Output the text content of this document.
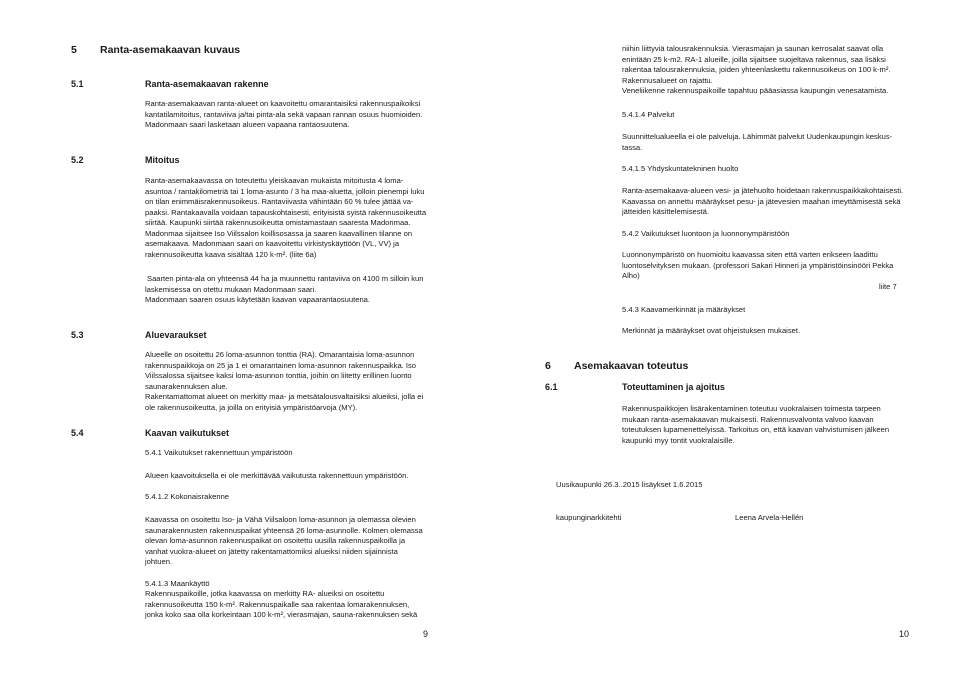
5 Ranta-asemakaavan kuvaus
5.1	Ranta-asemakaavan rakenne
Ranta-asemakaavan ranta-alueet on kaavoitettu omarantaisiksi rakennuspaikoiksi
kantatilamitoitus, rantaviiva ja/tai pinta-ala sekä vapaan rannan osuus huomioiden.
Madonmaan saari lasketaan alueen vapaana rantaosuutena.
5.2	Mitoitus
Ranta-asemakaavassa on toteutettu yleiskaavan mukaista mitoitusta 4 loma-
asuntoa / rantakilometriä tai 1 loma-asunto / 3 ha maa-aluetta, jolloin pienempi luku
on tilan enimmäisrakennusoikeus. Rantaviivasta vähintään 60 % tulee jättää va-
paaksi. Rantakaavalla voidaan tapauskohtaisesti, erityisistä syistä rakennusoikeutta
siirtää. Kaupunki siirtää rakennusoikeutta omistamastaan saaresta Madonmaa.
Madonmaa sijaitsee Iso Viilssalon koillisosassa ja saaren kaavallinen tilanne on
asemakaava. Madonmaan saari on kaavoitettu virkistyskäyttöön (VL, VV) ja
rakennusoikeutta kaava sisältää 120 k-m². (liite 6a)
Saarten pinta-ala on yhteensä 44 ha ja muunnettu rantaviiva on 4100 m silloin kun
laskemisessa on otettu mukaan Madonmaan saari.
Madonmaan saaren osuus käytetään kaavan vapaarantaosuutena.
5.3	Aluevaraukset
Alueelle on osoitettu 26 loma-asunnon tonttia (RA). Omarantaisia loma-asunnon
rakennuspaikkoja on 25 ja 1 ei omarantainen loma-asunnon rakennuspaikka. Iso
Viilssalossa sijaitsee kaksi loma-asunnon tonttia, joihin on liitetty erillinen luonto
saunarakennuksen alue.
Rakentamattomat alueet on merkitty maa- ja metsätalousvaltaisiksi alueiksi, jolla ei
ole rakennusoikeutta, ja joilla on erityisiä ympäristöarvoja (MY).
5.4	Kaavan vaikutukset
5.4.1 Vaikutukset rakennettuun ympäristöön
Alueen kaavoituksella ei ole merkittävää vaikutusta rakennettuun ympäristöön.
5.4.1.2 Kokonaisrakenne
Kaavassa on osoitettu Iso- ja Vähä Viilsaloon loma-asunnon ja olemassa olevien
saunarakennusten rakennuspaikat yhteensä 26 loma-asunnolle. Kolmen olemassa
olevan loma-asunnon rakennuspaikat on osoitettu uusilla rakennuspaikoilla ja
vanhat vuokra-alueet on jätetty rakentamattomiksi alueiksi niiden sijainnista
johtuen.
5.4.1.3 Maankäyttö
Rakennuspaikoille, jotka kaavassa on merkitty RA- alueiksi on osoitettu
rakennusoikeutta 150 k-m². Rakennuspaikalle saa rakentaa lomarakennuksen,
jonka koko saa olla korkeintaan 100 k-m², vierasmajan, sauna-rakennuksen sekä
9
niihin liittyviä talousrakennuksia. Vierasmajan ja saunan kerrosalat saavat olla
enintään 25 k-m2. RA-1 alueille, joilla sijaitsee suojeltava rakennus, saa lisäksi
rakentaa talousrakennuksia, joiden yhteenlaskettu rakennusoikeus on 100 k-m².
Rakennusalueet on rajattu.
Veneliikenne rakennuspaikoille tapahtuu pääasiassa kaupungin venesatamista.
5.4.1.4 Palvelut
Suunnittelualueella ei ole palveluja. Lähimmät palvelut Uudenkaupungin keskus-
tassa.
5.4.1.5 Yhdyskuntatekninen huolto
Ranta-asemakaava-alueen vesi- ja jätehuolto hoidetaan rakennuspaikkakohtaisesti.
Kaavassa on annettu määräykset pesu- ja jätevesien maahan imeyttämisestä sekä
jätteiden käsittelemisestä.
5.4.2 Vaikutukset luontoon ja luonnonympäristöön
Luonnonympäristö on huomioitu kaavassa siten että varten erikseen laadittu
luontoselvityksen mukaan. (professori Sakari Hinneri ja ympäristöinsinööri Pekka
Alho)
liite 7
5.4.3 Kaavamerkinnät ja määräykset
Merkinnät ja määräykset ovat ohjeistuksen mukaiset.
6 Asemakaavan toteutus
6.1	Toteuttaminen ja ajoitus
Rakennuspaikkojen lisärakentaminen toteutuu vuokralaisen toimesta tarpeen
mukaan ranta-asemakaavan mukaisesti. Rakennusvalvonta valvoo kaavan
toteutuksen lupamenettelyissä. Tarkoitus on, että kaavan vahvistumisen jälkeen
kaupunki myy tontit vuokralaisille.
Uusikaupunki 26.3..2015 lisäykset 1.6.2015
kaupunginarkkitehti	Leena Arvela-Hellén
10
